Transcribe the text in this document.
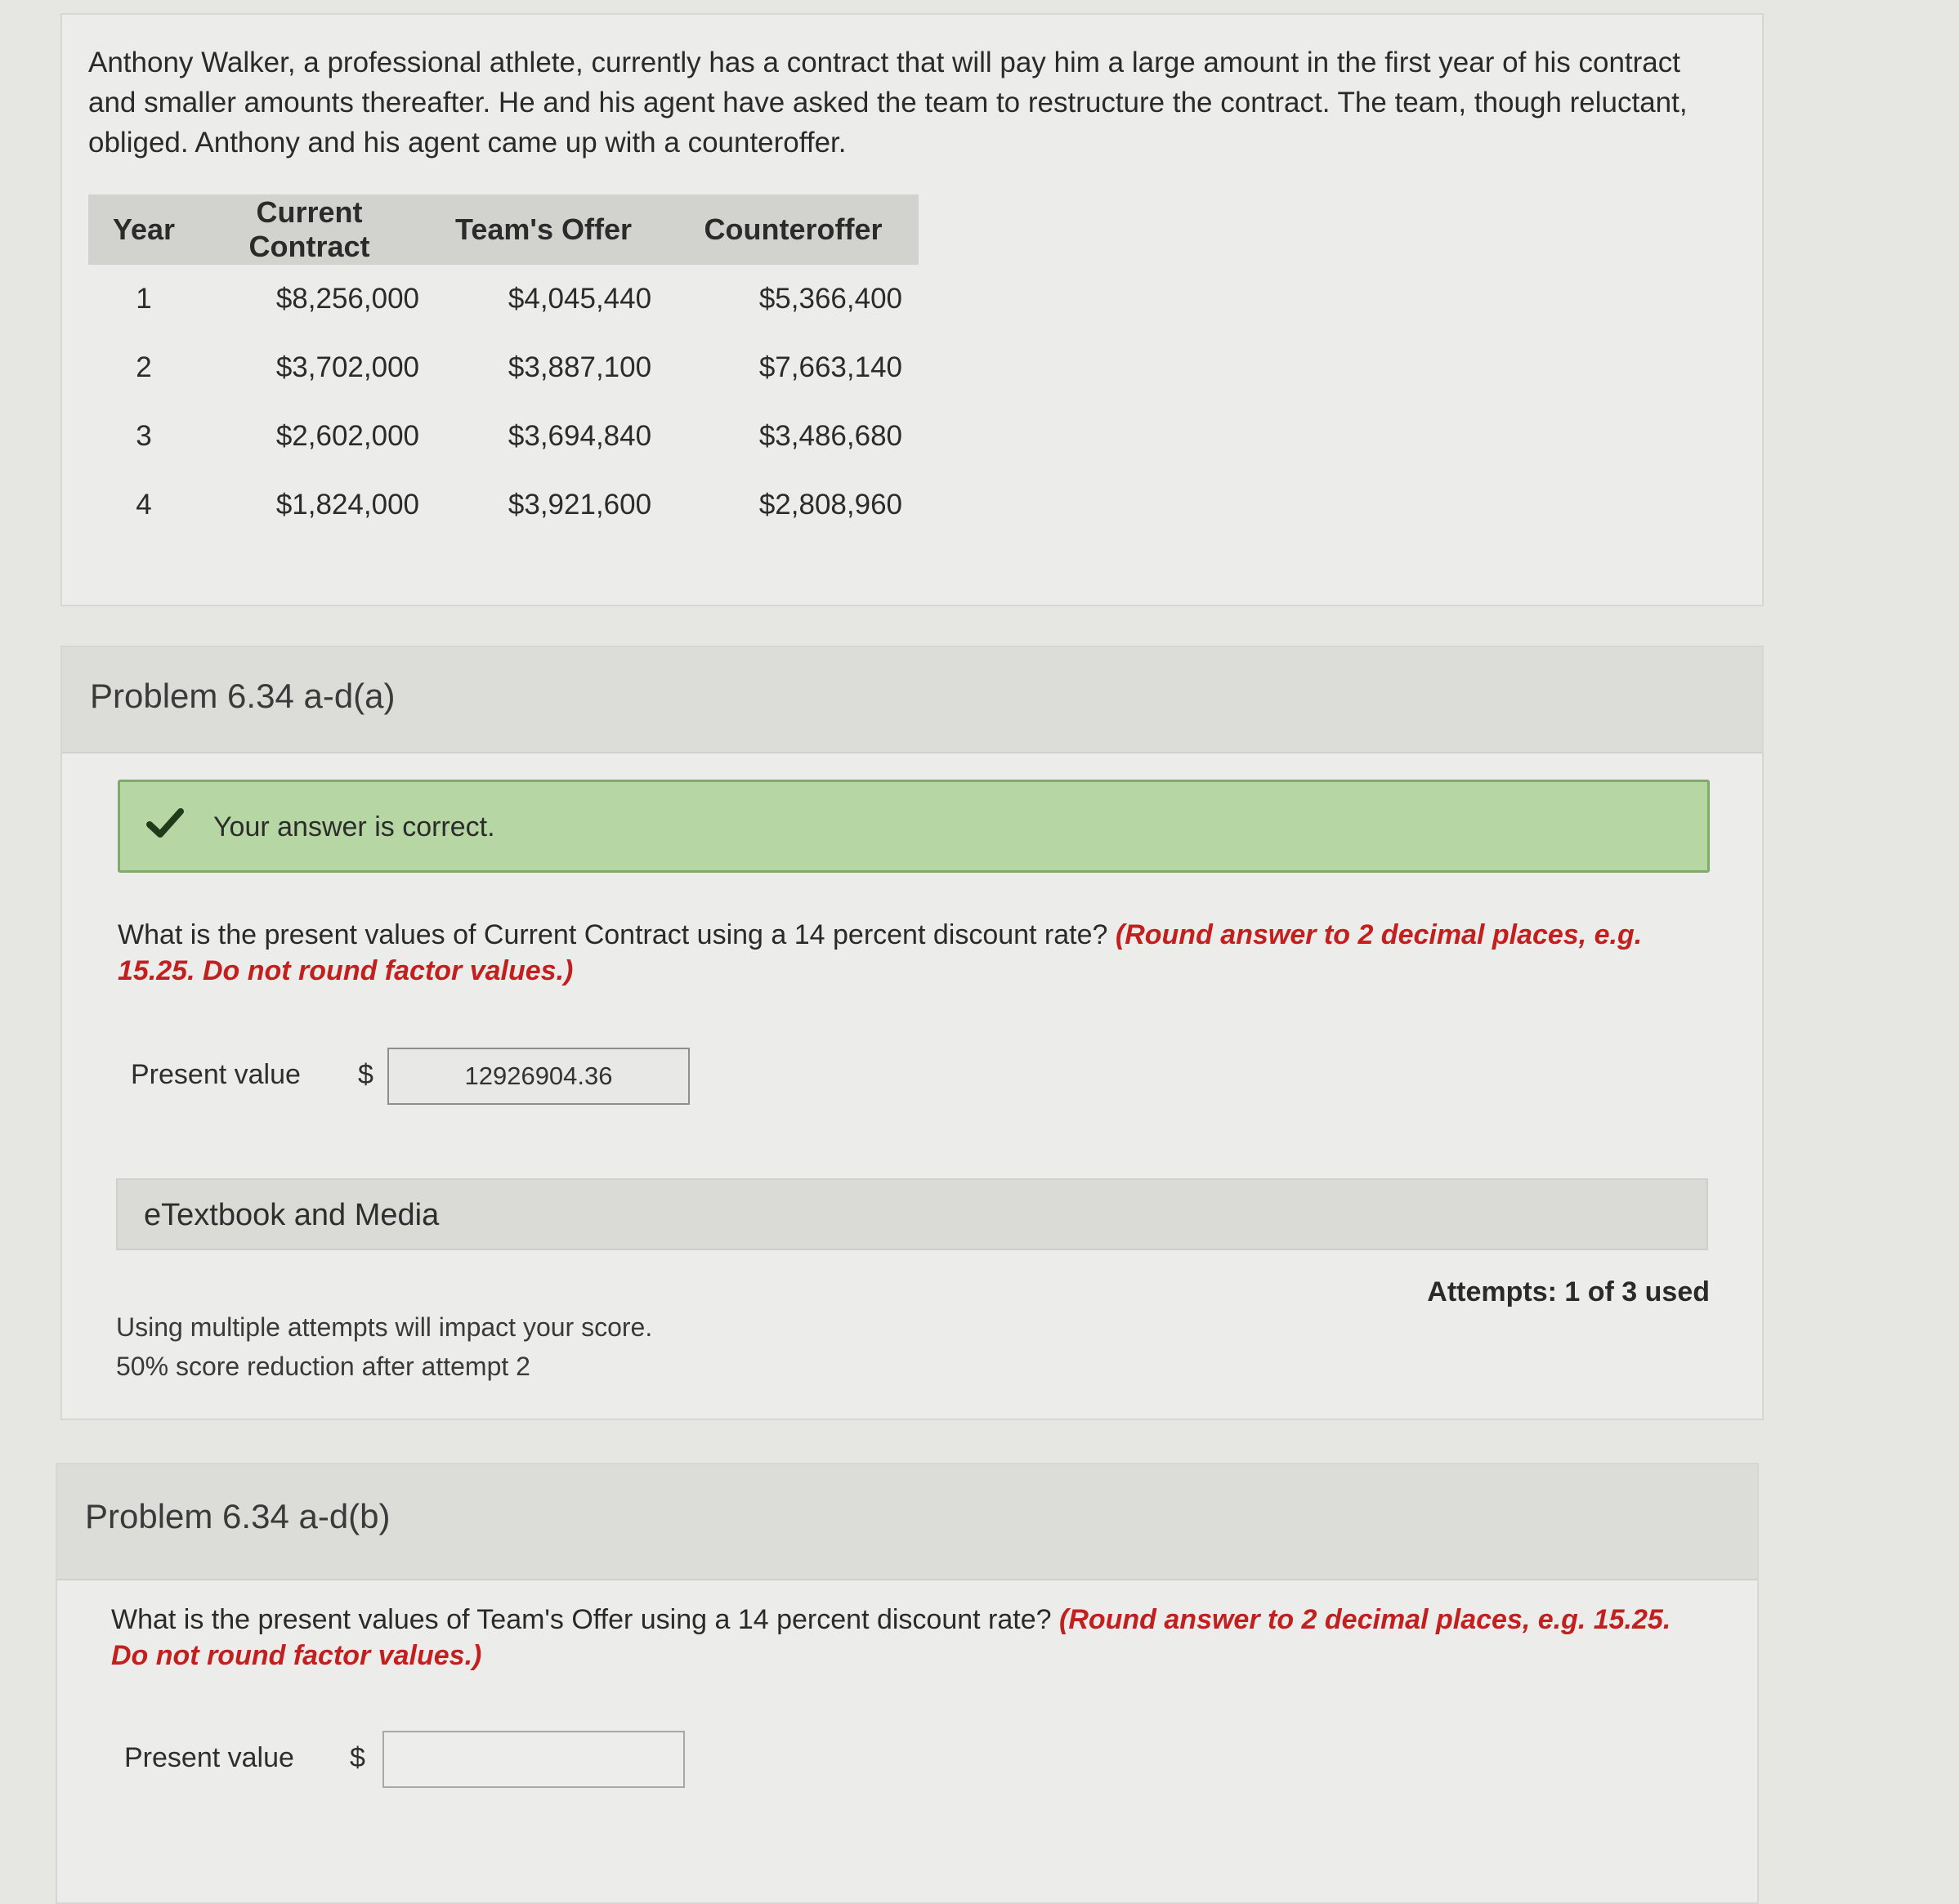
Anthony Walker, a professional athlete, currently has a contract that will pay him a large amount in the first year of his contract and smaller amounts thereafter. He and his agent have asked the team to restructure the contract. The team, though reluctant, obliged. Anthony and his agent came up with a counteroffer.
Year	Current Contract	Team's Offer	Counteroffer
1	$8,256,000	$4,045,440	$5,366,400
2	$3,702,000	$3,887,100	$7,663,140
3	$2,602,000	$3,694,840	$3,486,680
4	$1,824,000	$3,921,600	$2,808,960
Problem 6.34 a-d(a)
Your answer is correct.
What is the present values of Current Contract using a 14 percent discount rate? (Round answer to 2 decimal places, e.g. 15.25. Do not round factor values.)
Present value $
12926904.36
eTextbook and Media
Attempts: 1 of 3 used
Using multiple attempts will impact your score.
50% score reduction after attempt 2
Problem 6.34 a-d(b)
What is the present values of Team's Offer using a 14 percent discount rate? (Round answer to 2 decimal places, e.g. 15.25. Do not round factor values.)
Present value $
